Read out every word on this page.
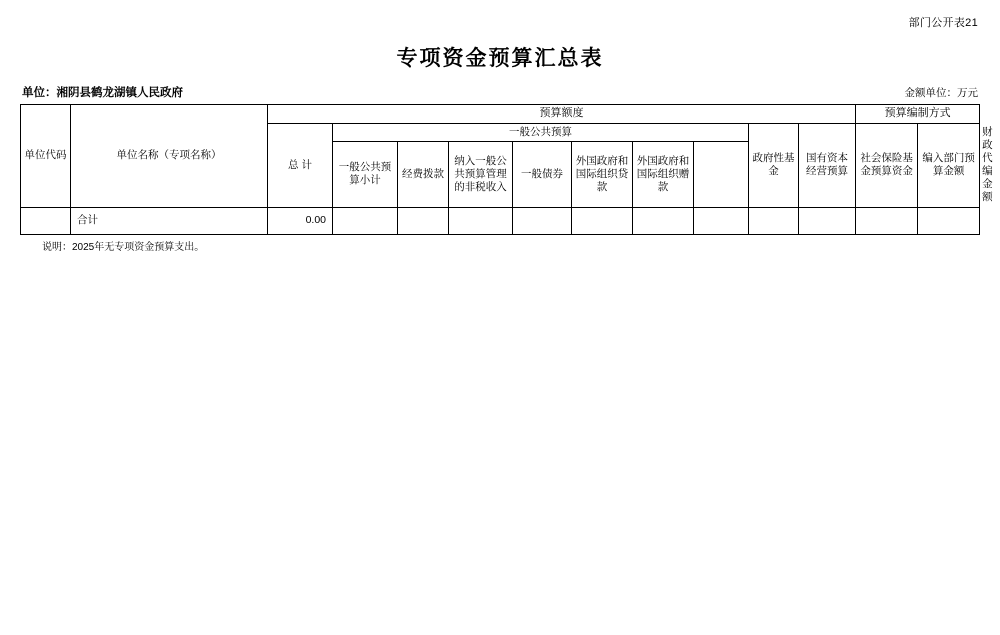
部门公开表21
专项资金预算汇总表
单位：湘阴县鹤龙湖镇人民政府	金额单位：万元
单位代码	单位名称（专项名称）	预算额度										预算编制方式		
		总 计	一般公共预算							政府性基金	国有资本经营预算	社会保险基金预算资金	编入部门预算金额	财政代编金额
			一般公共预算小计	经费拨款	纳入一般公共预算管理的非税收入	一般债券	外国政府和国际组织贷款	外国政府和国际组织赠款					

	合计	0.00												
说明：2025年无专项资金预算支出。
